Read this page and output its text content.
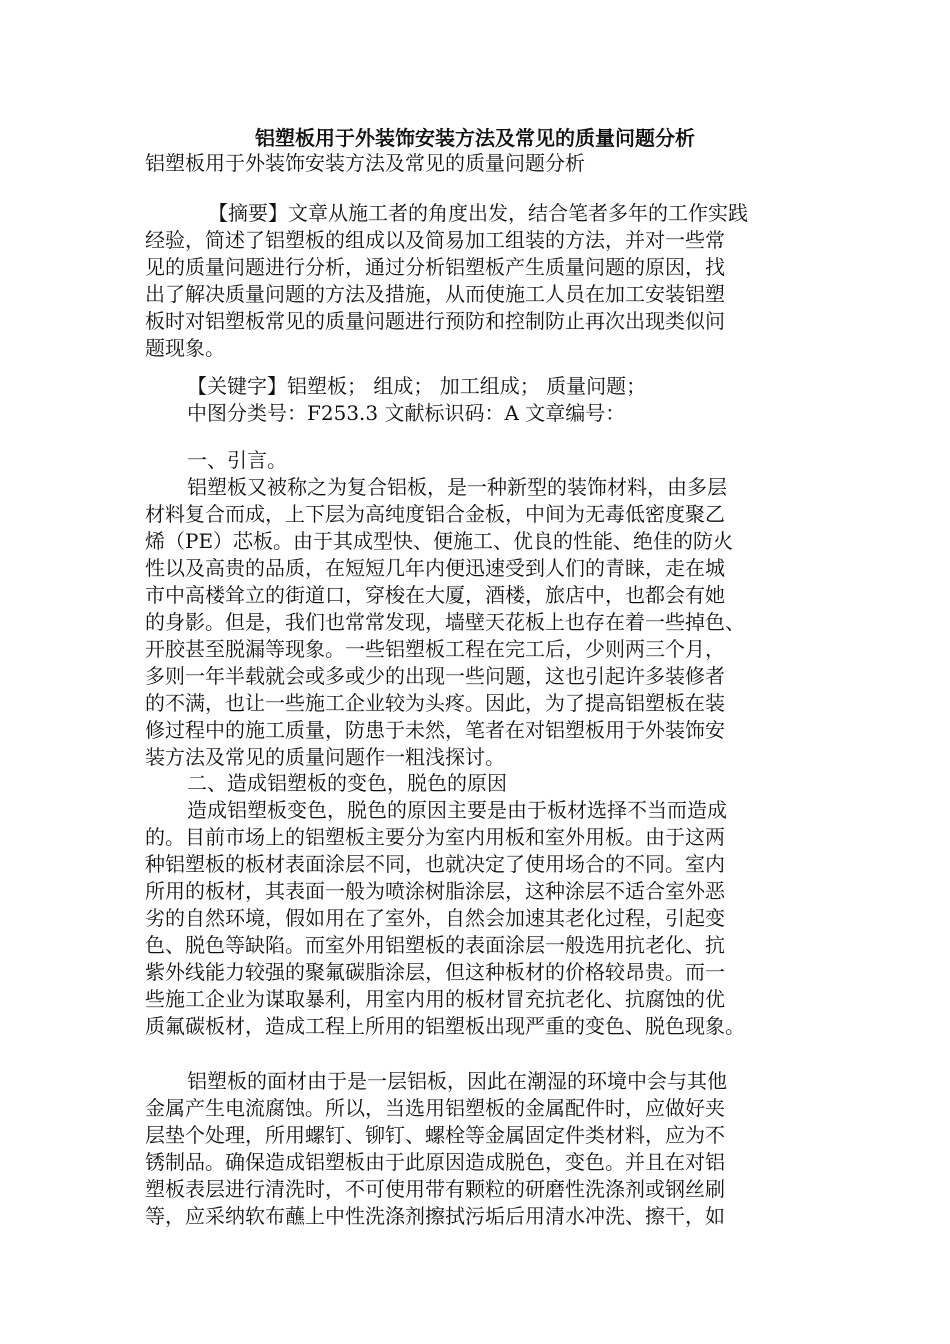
铝塑板用于外装饰安装方法及常见的质量问题分析
铝塑板用于外装饰安装方法及常见的质量问题分析
【摘要】文章从施工者的角度出发，结合笔者多年的工作实践
经验，简述了铝塑板的组成以及简易加工组装的方法，并对一些常
见的质量问题进行分析，通过分析铝塑板产生质量问题的原因，找
出了解决质量问题的方法及措施，从而使施工人员在加工安装铝塑
板时对铝塑板常见的质量问题进行预防和控制防止再次出现类似问
题现象。
【关键字】铝塑板； 组成； 加工组成； 质量问题；
中图分类号：F253.3 文献标识码：A 文章编号：
一、引言。
铝塑板又被称之为复合铝板，是一种新型的装饰材料，由多层
材料复合而成，上下层为高纯度铝合金板，中间为无毒低密度聚乙
烯（PE）芯板。由于其成型快、便施工、优良的性能、绝佳的防火
性以及高贵的品质，在短短几年内便迅速受到人们的青睐，走在城
市中高楼耸立的街道口，穿梭在大厦，酒楼，旅店中，也都会有她
的身影。但是，我们也常常发现，墙壁天花板上也存在着一些掉色、
开胶甚至脱漏等现象。一些铝塑板工程在完工后，少则两三个月，
多则一年半载就会或多或少的出现一些问题，这也引起许多装修者
的不满，也让一些施工企业较为头疼。因此，为了提高铝塑板在装
修过程中的施工质量，防患于未然，笔者在对铝塑板用于外装饰安
装方法及常见的质量问题作一粗浅探讨。
二、造成铝塑板的变色，脱色的原因
造成铝塑板变色，脱色的原因主要是由于板材选择不当而造成
的。目前市场上的铝塑板主要分为室内用板和室外用板。由于这两
种铝塑板的板材表面涂层不同，也就决定了使用场合的不同。室内
所用的板材，其表面一般为喷涂树脂涂层，这种涂层不适合室外恶
劣的自然环境，假如用在了室外，自然会加速其老化过程，引起变
色、脱色等缺陷。而室外用铝塑板的表面涂层一般选用抗老化、抗
紫外线能力较强的聚氟碳脂涂层，但这种板材的价格较昂贵。而一
些施工企业为谋取暴利，用室内用的板材冒充抗老化、抗腐蚀的优
质氟碳板材，造成工程上所用的铝塑板出现严重的变色、脱色现象。
铝塑板的面材由于是一层铝板，因此在潮湿的环境中会与其他
金属产生电流腐蚀。所以，当选用铝塑板的金属配件时，应做好夹
层垫个处理，所用螺钉、铆钉、螺栓等金属固定件类材料，应为不
锈制品。确保造成铝塑板由于此原因造成脱色，变色。并且在对铝
塑板表层进行清洗时，不可使用带有颗粒的研磨性洗涤剂或钢丝刷
等，应采纳软布蘸上中性洗涤剂擦拭污垢后用清水冲洗、擦干，如
